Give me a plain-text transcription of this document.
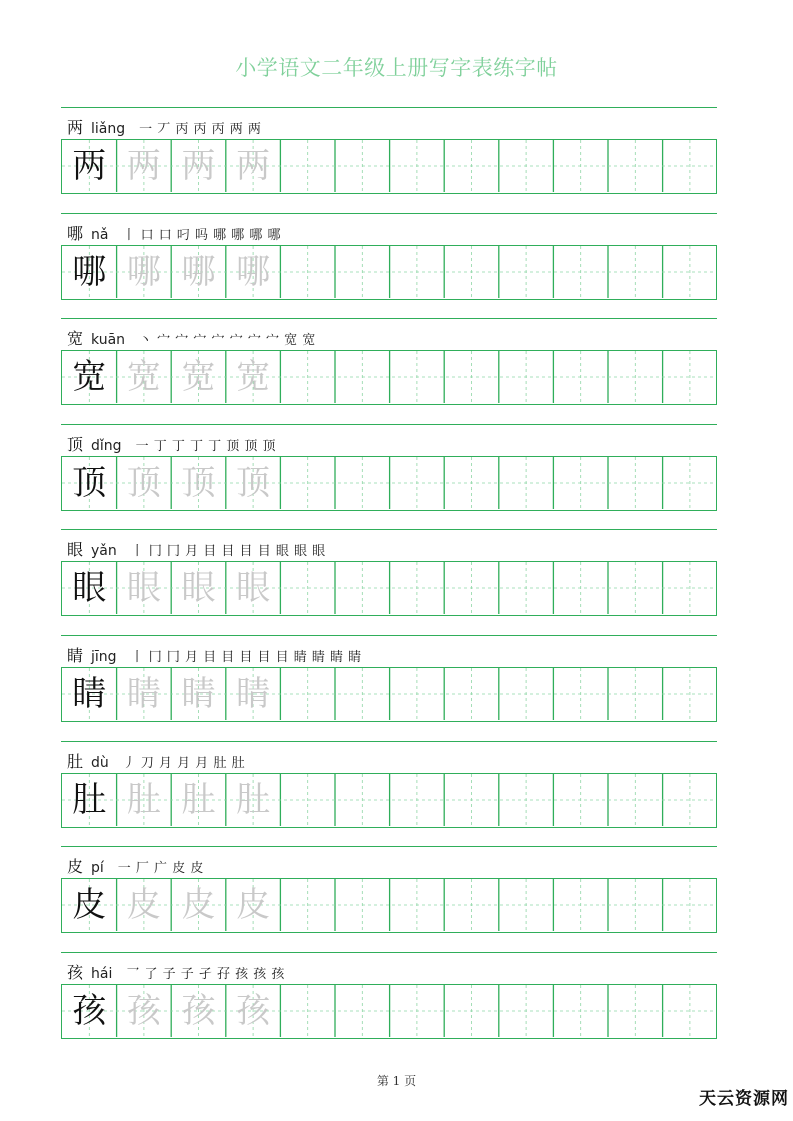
小学语文二年级上册写字表练字帖
两 liǎng 一 丆 丙 丙 丙 两 两
两 两 两 两
哪 nǎ 丨 口 口 叼 吗 哪 哪 哪 哪
哪 哪 哪 哪
宽 kuān 丶 宀 宀 宀 宀 宀 宀 宀 宽 宽
宽 宽 宽 宽
顶 dǐng 一 丁 丁 丁 丁 顶 顶 顶
顶 顶 顶 顶
眼 yǎn 丨 冂 冂 月 目 目 目 目 眼 眼 眼
眼 眼 眼 眼
睛 jīng 丨 冂 冂 月 目 目 目 目 目 睛 睛 睛 睛
睛 睛 睛 睛
肚 dù 丿 刀 月 月 月 肚 肚
肚 肚 肚 肚
皮 pí 一 厂 广 皮 皮
皮 皮 皮 皮
孩 hái 乛 了 子 子 孑 孖 孩 孩 孩
孩 孩 孩 孩
第 1 页
天云资源网
